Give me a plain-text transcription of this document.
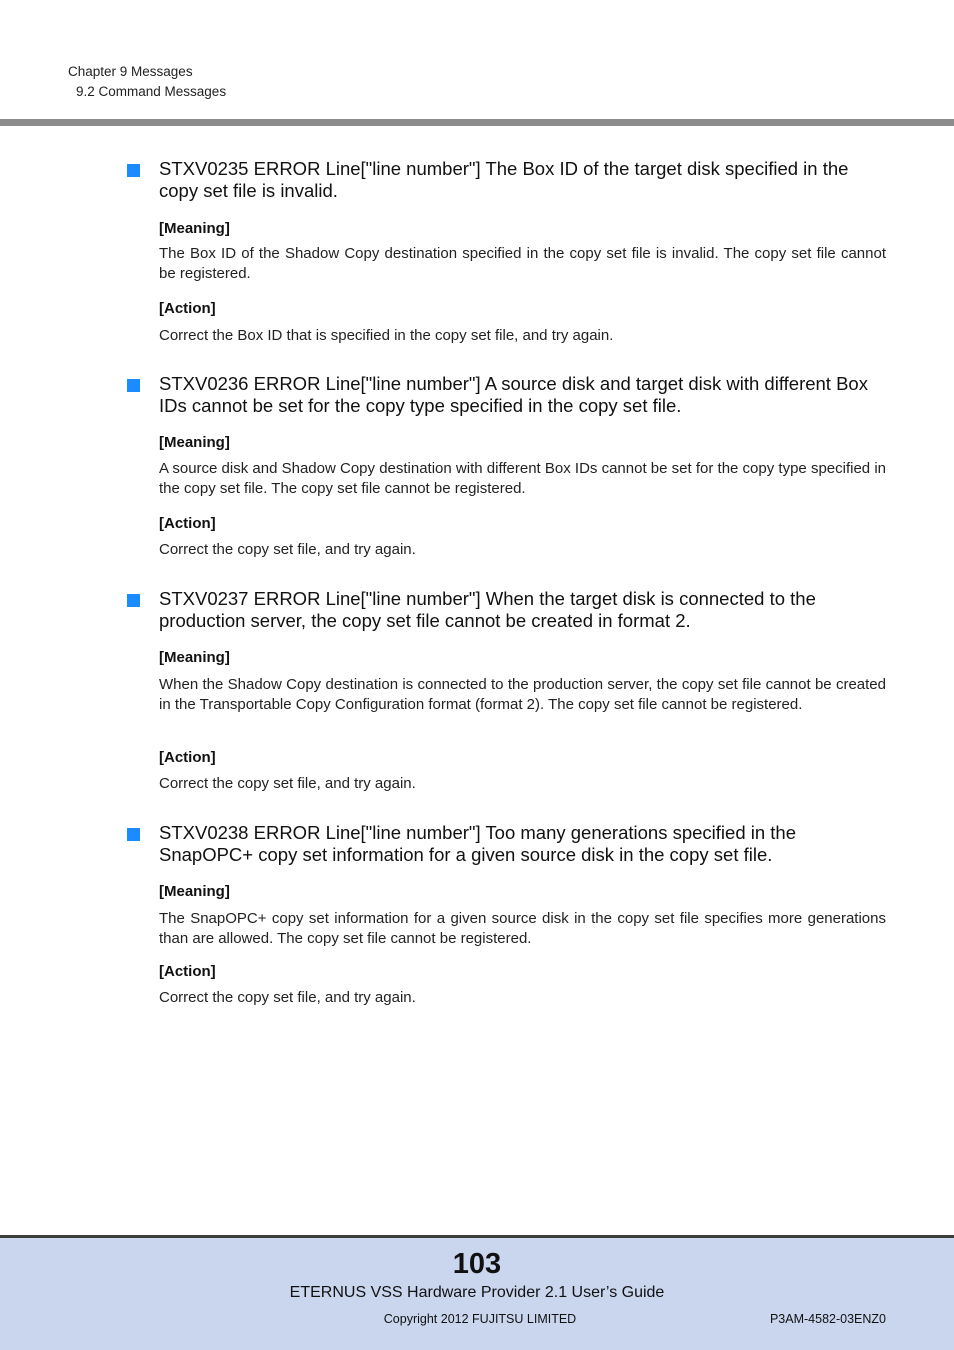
Chapter 9 Messages
9.2 Command Messages
STXV0235 ERROR Line["line number"] The Box ID of the target disk specified in the copy set file is invalid.
[Meaning]
The Box ID of the Shadow Copy destination specified in the copy set file is invalid. The copy set file cannot be registered.
[Action]
Correct the Box ID that is specified in the copy set file, and try again.
STXV0236 ERROR Line["line number"] A source disk and target disk with different Box IDs cannot be set for the copy type specified in the copy set file.
[Meaning]
A source disk and Shadow Copy destination with different Box IDs cannot be set for the copy type specified in the copy set file. The copy set file cannot be registered.
[Action]
Correct the copy set file, and try again.
STXV0237 ERROR Line["line number"] When the target disk is connected to the production server, the copy set file cannot be created in format 2.
[Meaning]
When the Shadow Copy destination is connected to the production server, the copy set file cannot be created in the Transportable Copy Configuration format (format 2). The copy set file cannot be registered.
[Action]
Correct the copy set file, and try again.
STXV0238 ERROR Line["line number"] Too many generations specified in the SnapOPC+ copy set information for a given source disk in the copy set file.
[Meaning]
The SnapOPC+ copy set information for a given source disk in the copy set file specifies more generations than are allowed. The copy set file cannot be registered.
[Action]
Correct the copy set file, and try again.
103
ETERNUS VSS Hardware Provider 2.1 User’s Guide
Copyright 2012 FUJITSU LIMITED	P3AM-4582-03ENZ0
